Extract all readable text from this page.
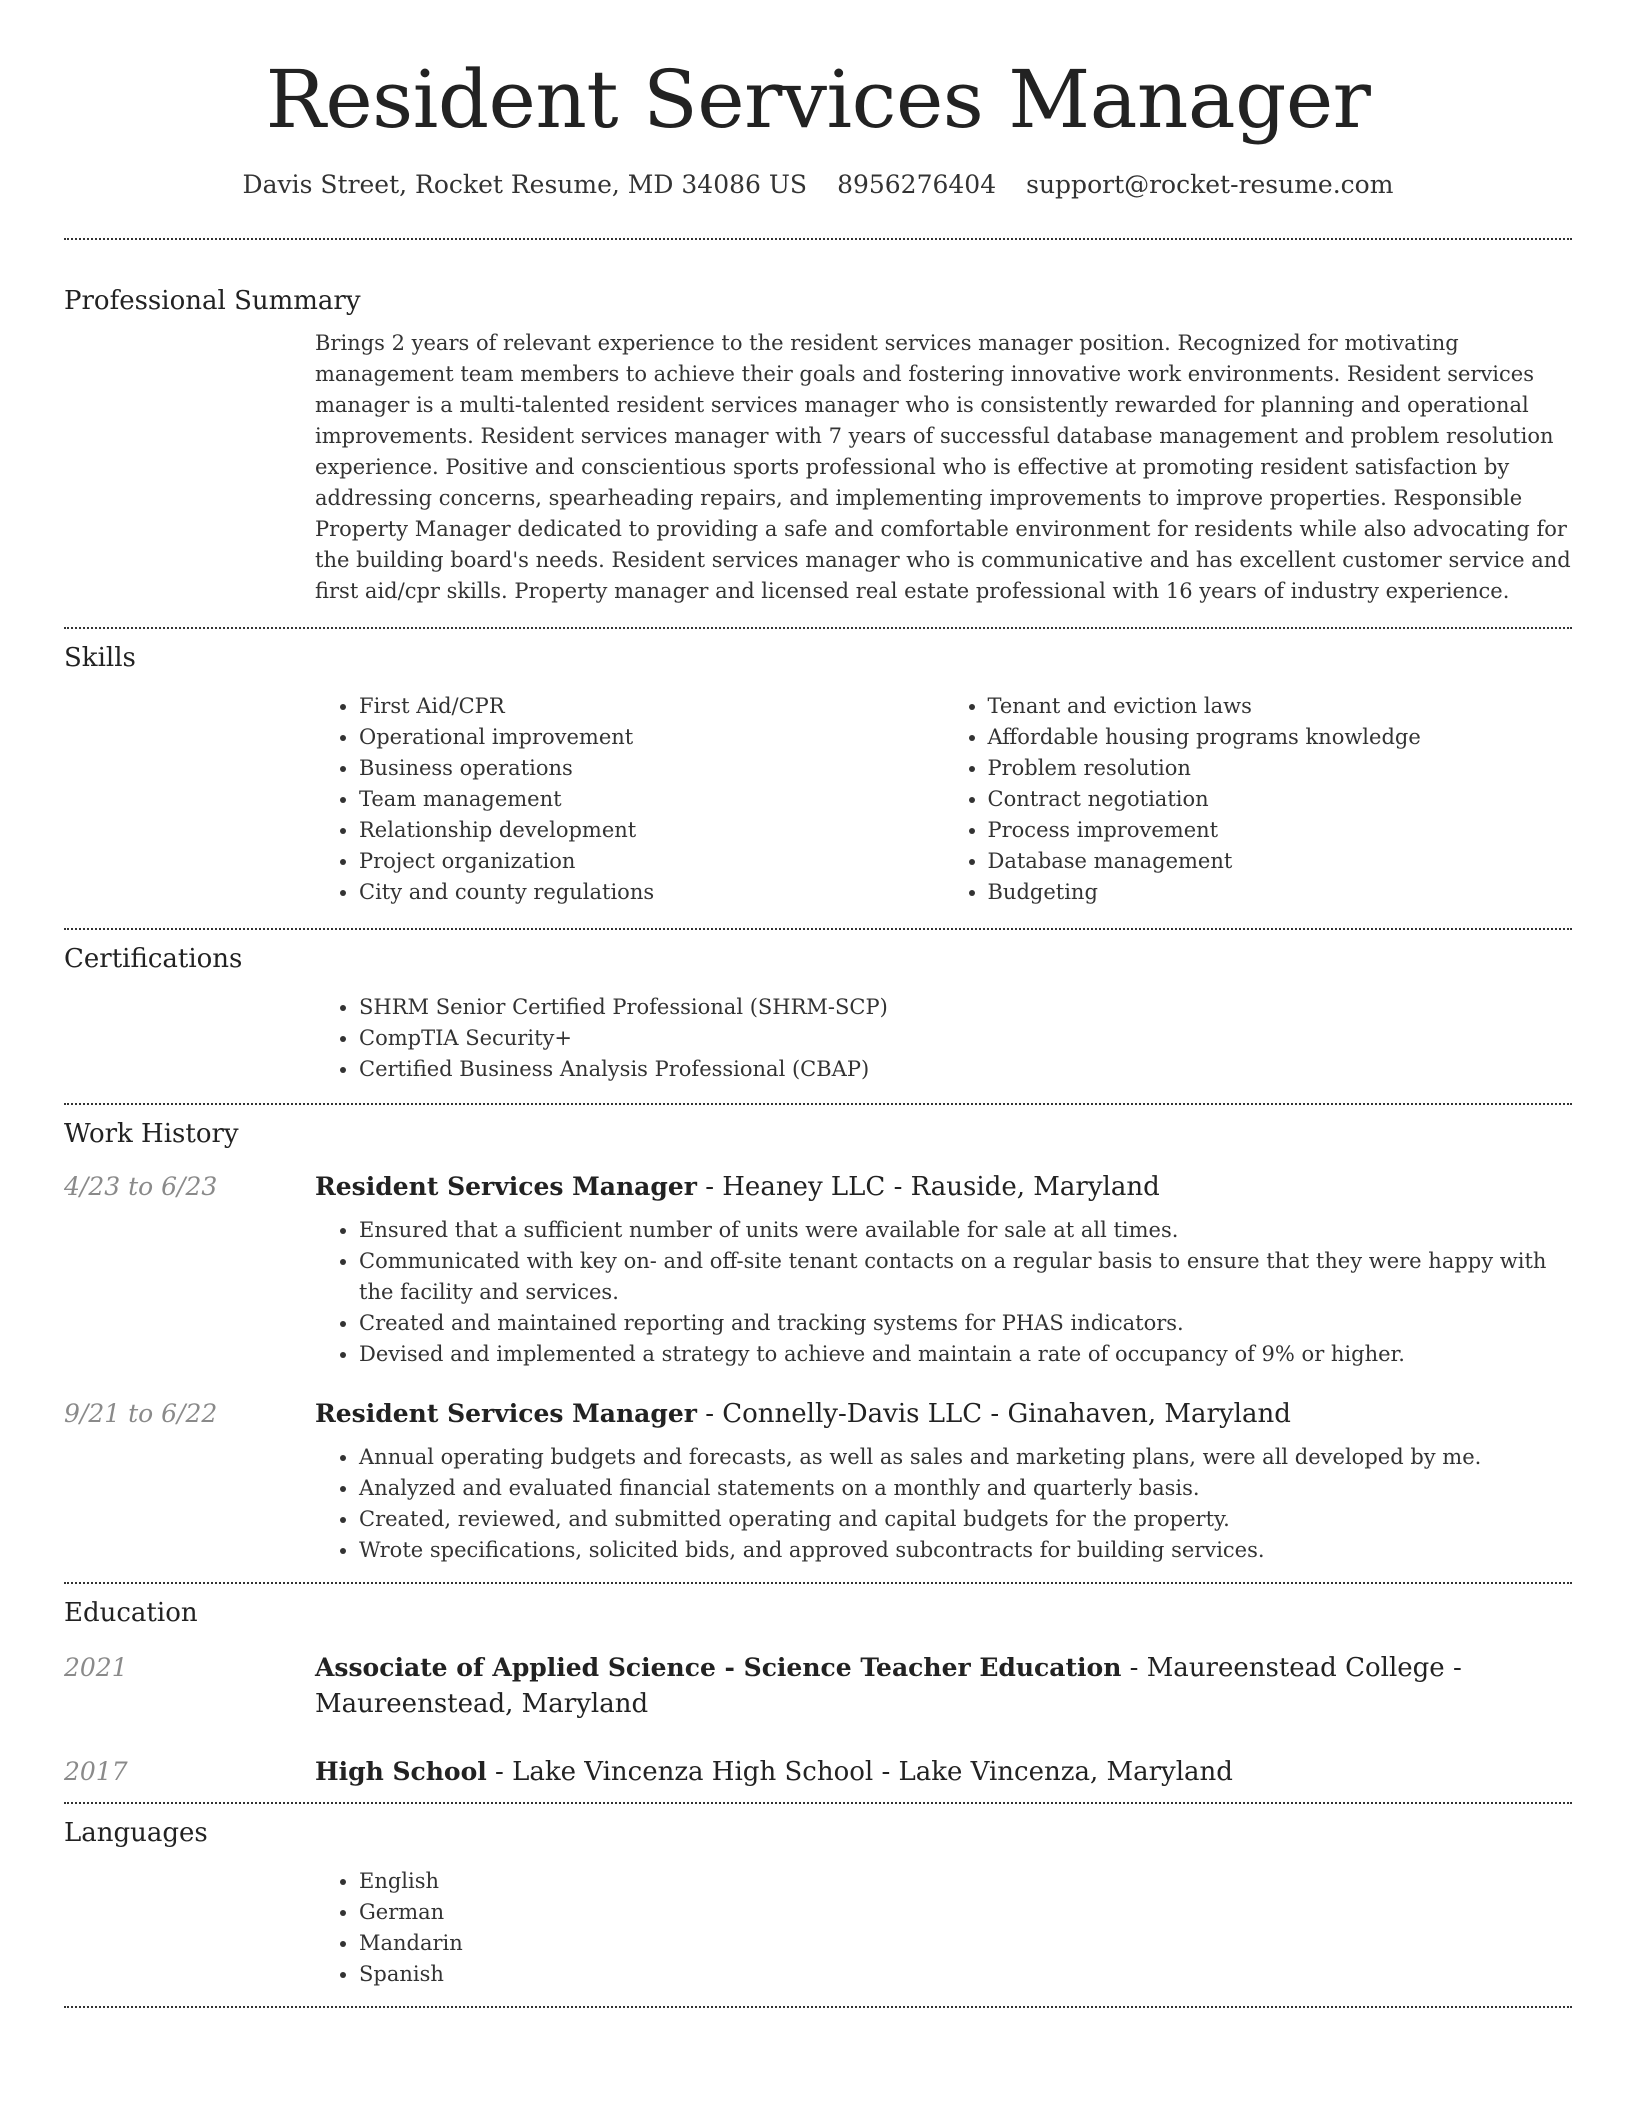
Resident Services Manager
Davis Street, Rocket Resume, MD 34086 US 8956276404 support@rocket-resume.com
Professional Summary

Brings 2 years of relevant experience to the resident services manager position. Recognized for motivating management team members to achieve their goals and fostering innovative work environments. Resident services manager is a multi-talented resident services manager who is consistently rewarded for planning and operational improvements. Resident services manager with 7 years of successful database management and problem resolution experience. Positive and conscientious sports professional who is effective at promoting resident satisfaction by addressing concerns, spearheading repairs, and implementing improvements to improve properties. Responsible Property Manager dedicated to providing a safe and comfortable environment for residents while also advocating for the building board's needs. Resident services manager who is communicative and has excellent customer service and first aid/cpr skills. Property manager and licensed real estate professional with 16 years of industry experience.

Skills
• First Aid/CPR
• Operational improvement
• Business operations
• Team management
• Relationship development
• Project organization
• City and county regulations
• Tenant and eviction laws
• Affordable housing programs knowledge
• Problem resolution
• Contract negotiation
• Process improvement
• Database management
• Budgeting
Certifications
• SHRM Senior Certified Professional (SHRM-SCP)
• CompTIA Security+
• Certified Business Analysis Professional (CBAP)
Work History
4/23 to 6/23	Resident Services Manager - Heaney LLC - Rauside, Maryland
• Ensured that a sufficient number of units were available for sale at all times.
• Communicated with key on- and off-site tenant contacts on a regular basis to ensure that they were happy with the facility and services.
• Created and maintained reporting and tracking systems for PHAS indicators.
• Devised and implemented a strategy to achieve and maintain a rate of occupancy of 9% or higher.
9/21 to 6/22	Resident Services Manager - Connelly-Davis LLC - Ginahaven, Maryland
• Annual operating budgets and forecasts, as well as sales and marketing plans, were all developed by me.
• Analyzed and evaluated financial statements on a monthly and quarterly basis.
• Created, reviewed, and submitted operating and capital budgets for the property.
• Wrote specifications, solicited bids, and approved subcontracts for building services.
Education
2021	Associate of Applied Science - Science Teacher Education - Maureenstead College - Maureenstead, Maryland
2017	High School - Lake Vincenza High School - Lake Vincenza, Maryland
Languages
• English
• German
• Mandarin
• Spanish
